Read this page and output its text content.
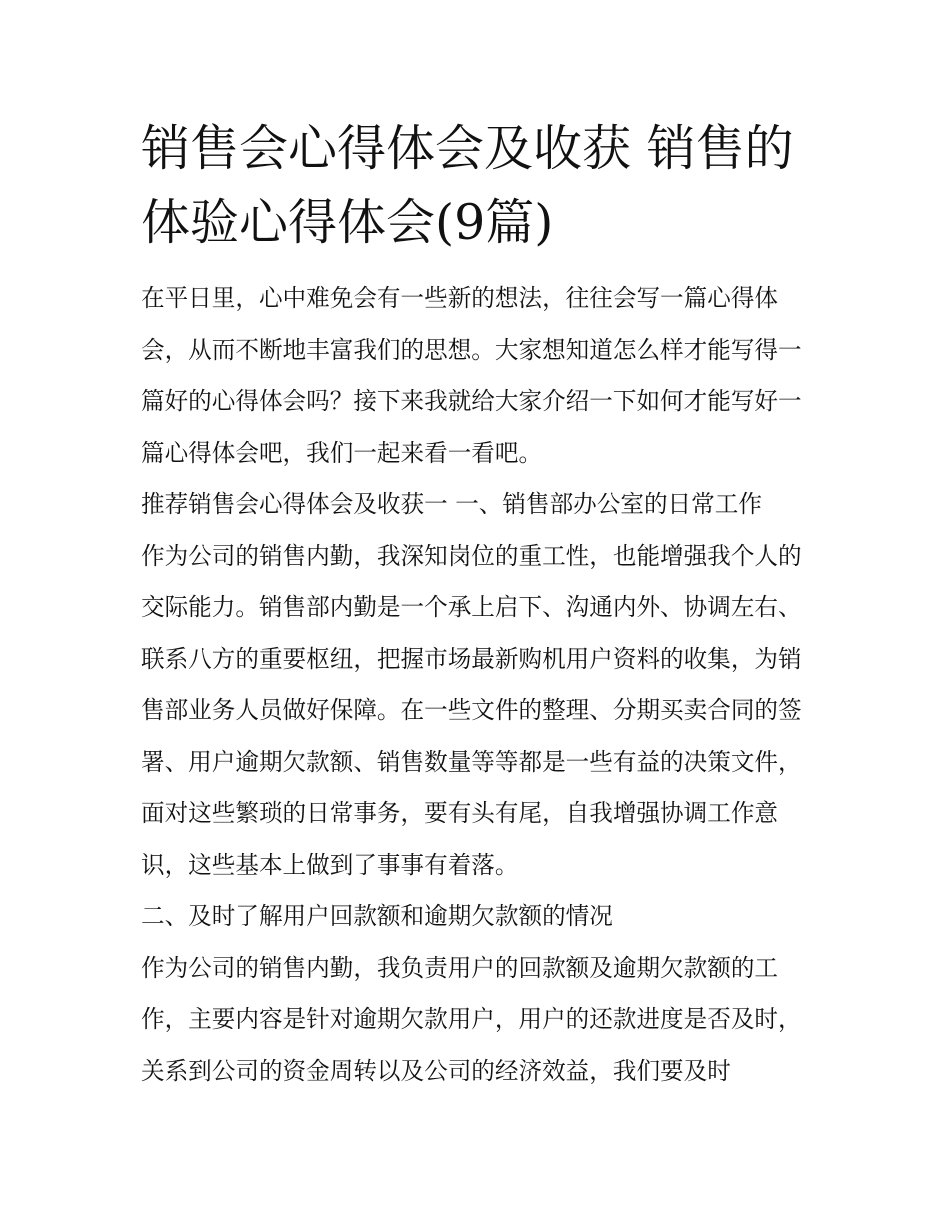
销售会心得体会及收获 销售的体验心得体会(9篇)

在平日里，心中难免会有一些新的想法，往往会写一篇心得体会，从而不断地丰富我们的思想。大家想知道怎么样才能写得一篇好的心得体会吗？接下来我就给大家介绍一下如何才能写好一篇心得体会吧，我们一起来看一看吧。

推荐销售会心得体会及收获一 一、销售部办公室的日常工作

作为公司的销售内勤，我深知岗位的重工性，也能增强我个人的交际能力。销售部内勤是一个承上启下、沟通内外、协调左右、联系八方的重要枢纽，把握市场最新购机用户资料的收集，为销售部业务人员做好保障。在一些文件的整理、分期买卖合同的签署、用户逾期欠款额、销售数量等等都是一些有益的决策文件，面对这些繁琐的日常事务，要有头有尾，自我增强协调工作意识，这些基本上做到了事事有着落。

二、及时了解用户回款额和逾期欠款额的情况

作为公司的销售内勤，我负责用户的回款额及逾期欠款额的工作，主要内容是针对逾期欠款用户，用户的还款进度是否及时，关系到公司的资金周转以及公司的经济效益，我们要及时
